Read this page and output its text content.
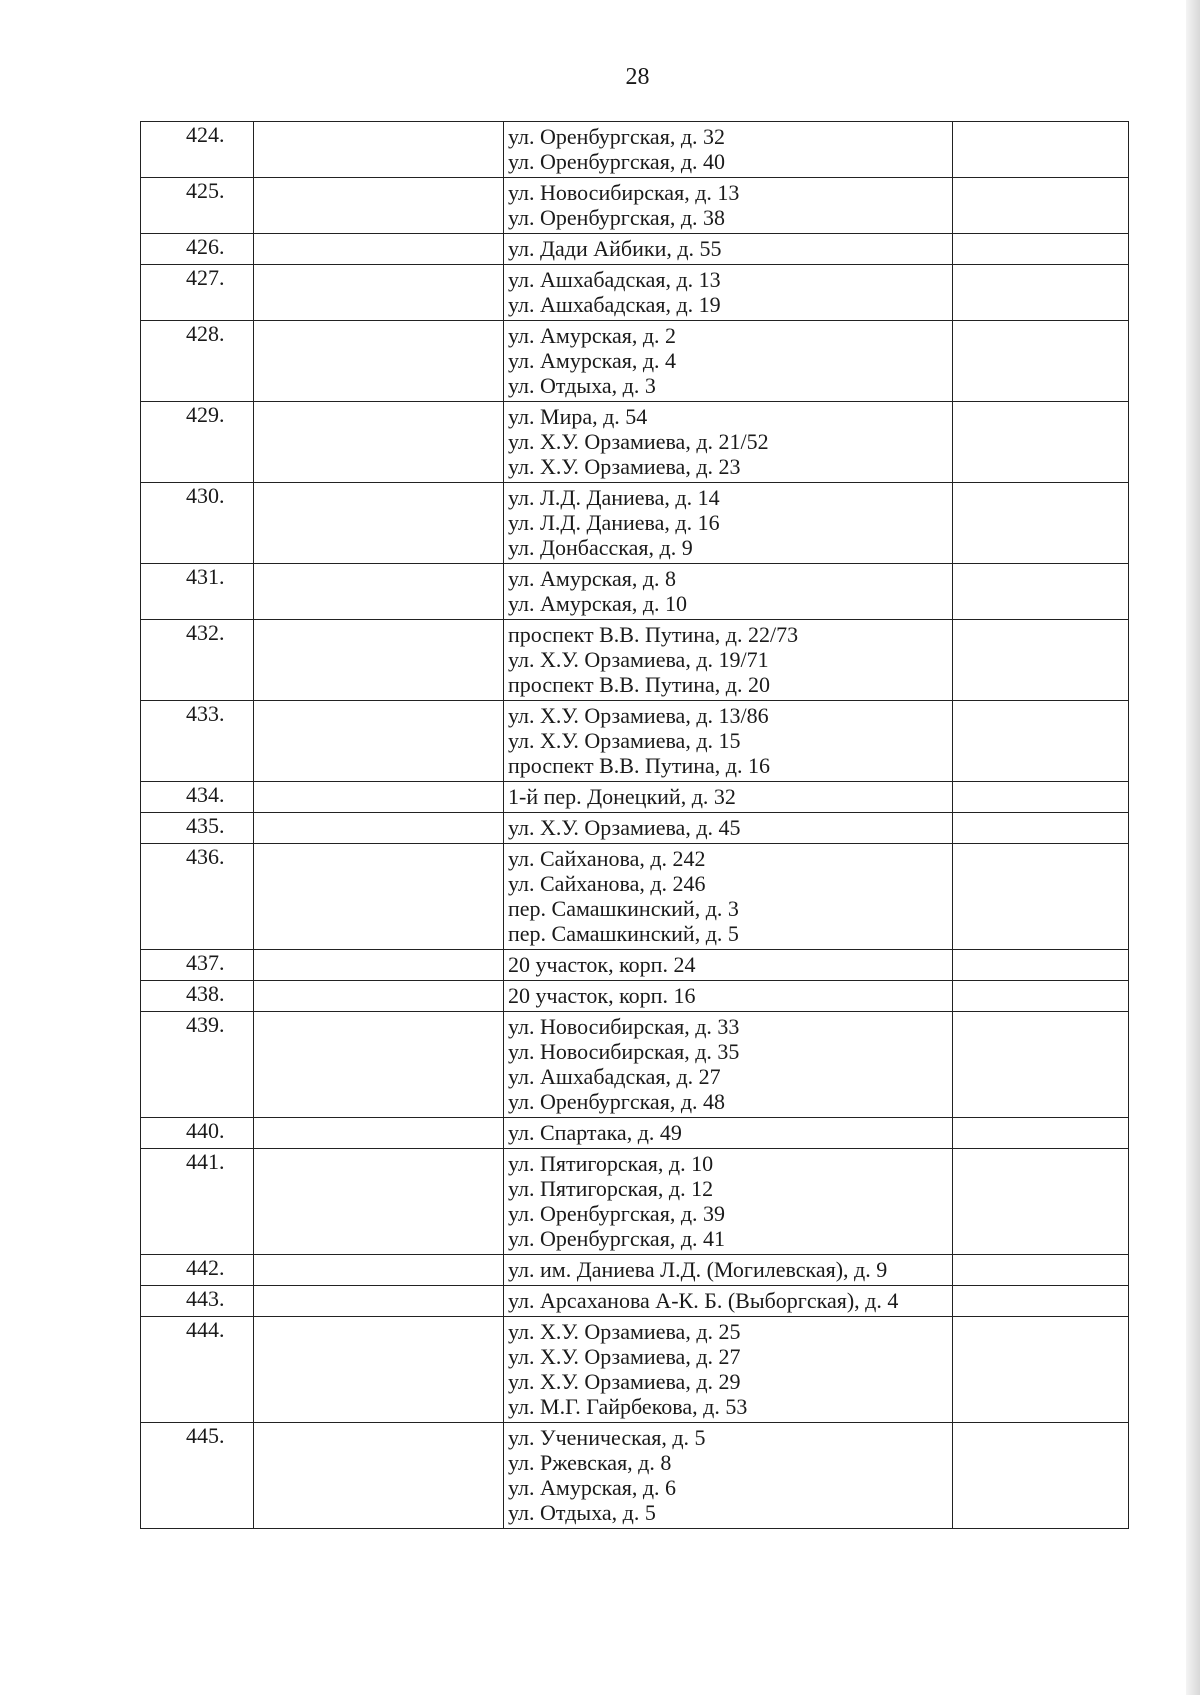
28
424.		ул. Оренбургская, д. 32
ул. Оренбургская, д. 40	

425.		ул. Новосибирская, д. 13
ул. Оренбургская, д. 38	

426.		ул. Дади Айбики, д. 55	

427.		ул. Ашхабадская, д. 13
ул. Ашхабадская, д. 19	

428.		ул. Амурская, д. 2
ул. Амурская, д. 4
ул. Отдыха, д. 3	

429.		ул. Мира, д. 54
ул. Х.У. Орзамиева, д. 21/52
ул. Х.У. Орзамиева, д. 23	

430.		ул. Л.Д. Даниева, д. 14
ул. Л.Д. Даниева, д. 16
ул. Донбасская, д. 9	

431.		ул. Амурская, д. 8
ул. Амурская, д. 10	

432.		проспект В.В. Путина, д. 22/73
ул. Х.У. Орзамиева, д. 19/71
проспект В.В. Путина, д. 20	

433.		ул. Х.У. Орзамиева, д. 13/86
ул. Х.У. Орзамиева, д. 15
проспект В.В. Путина, д. 16	

434.		1-й пер. Донецкий, д. 32	

435.		ул. Х.У. Орзамиева, д. 45	

436.		ул. Сайханова, д. 242
ул. Сайханова, д. 246
пер. Самашкинский, д. 3
пер. Самашкинский, д. 5	

437.		20 участок, корп. 24	

438.		20 участок, корп. 16	

439.		ул. Новосибирская, д. 33
ул. Новосибирская, д. 35
ул. Ашхабадская, д. 27
ул. Оренбургская, д. 48	

440.		ул. Спартака, д. 49	

441.		ул. Пятигорская, д. 10
ул. Пятигорская, д. 12
ул. Оренбургская, д. 39
ул. Оренбургская, д. 41	

442.		ул. им. Даниева Л.Д. (Могилевская), д. 9	

443.		ул. Арсаханова А-К. Б. (Выборгская), д. 4	

444.		ул. Х.У. Орзамиева, д. 25
ул. Х.У. Орзамиева, д. 27
ул. Х.У. Орзамиева, д. 29
ул. М.Г. Гайрбекова, д. 53	

445.		ул. Ученическая, д. 5
ул. Ржевская, д. 8
ул. Амурская, д. 6
ул. Отдыха, д. 5	
